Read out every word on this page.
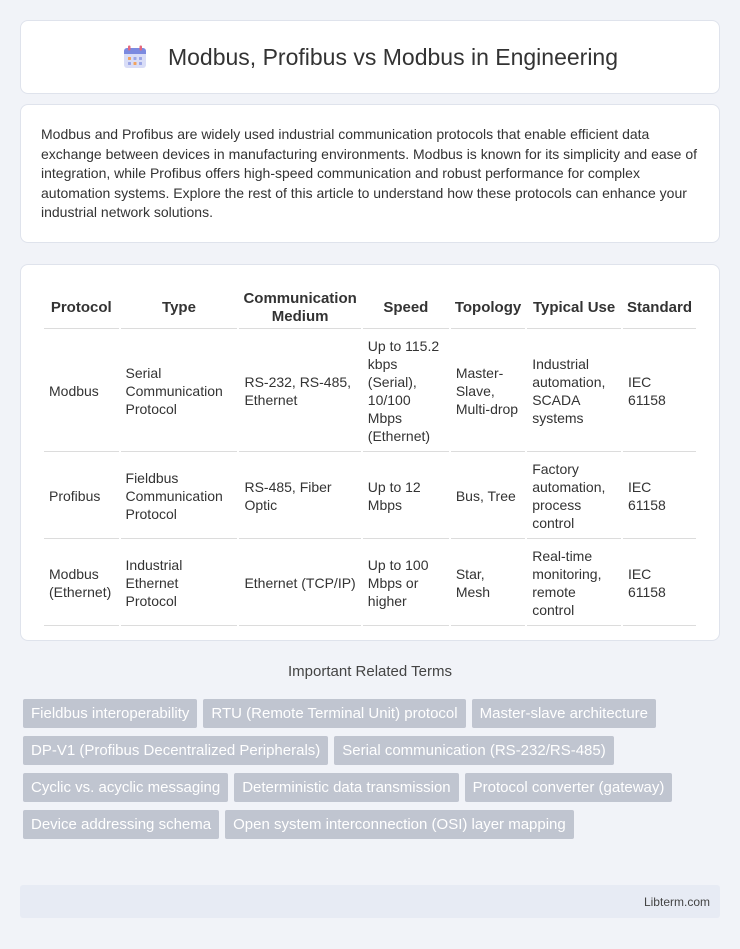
Modbus, Profibus vs Modbus in Engineering

Modbus and Profibus are widely used industrial communication protocols that enable efficient data exchange between devices in manufacturing environments. Modbus is known for its simplicity and ease of integration, while Profibus offers high-speed communication and robust performance for complex automation systems. Explore the rest of this article to understand how these protocols can enhance your industrial network solutions.

Protocol	Type	Communication Medium	Speed	Topology	Typical Use	Standard
Modbus	Serial Communication Protocol	RS-232, RS-485, Ethernet	Up to 115.2 kbps (Serial), 10/100 Mbps (Ethernet)	Master-Slave, Multi-drop	Industrial automation, SCADA systems	IEC 61158
Profibus	Fieldbus Communication Protocol	RS-485, Fiber Optic	Up to 12 Mbps	Bus, Tree	Factory automation, process control	IEC 61158
Modbus (Ethernet)	Industrial Ethernet Protocol	Ethernet (TCP/IP)	Up to 100 Mbps or higher	Star, Mesh	Real-time monitoring, remote control	IEC 61158
Important Related Terms
Fieldbus interoperability	RTU (Remote Terminal Unit) protocol	Master-slave architecture
DP-V1 (Profibus Decentralized Peripherals)	Serial communication (RS-232/RS-485)
Cyclic vs. acyclic messaging	Deterministic data transmission	Protocol converter (gateway)
Device addressing schema	Open system interconnection (OSI) layer mapping
Libterm.com
